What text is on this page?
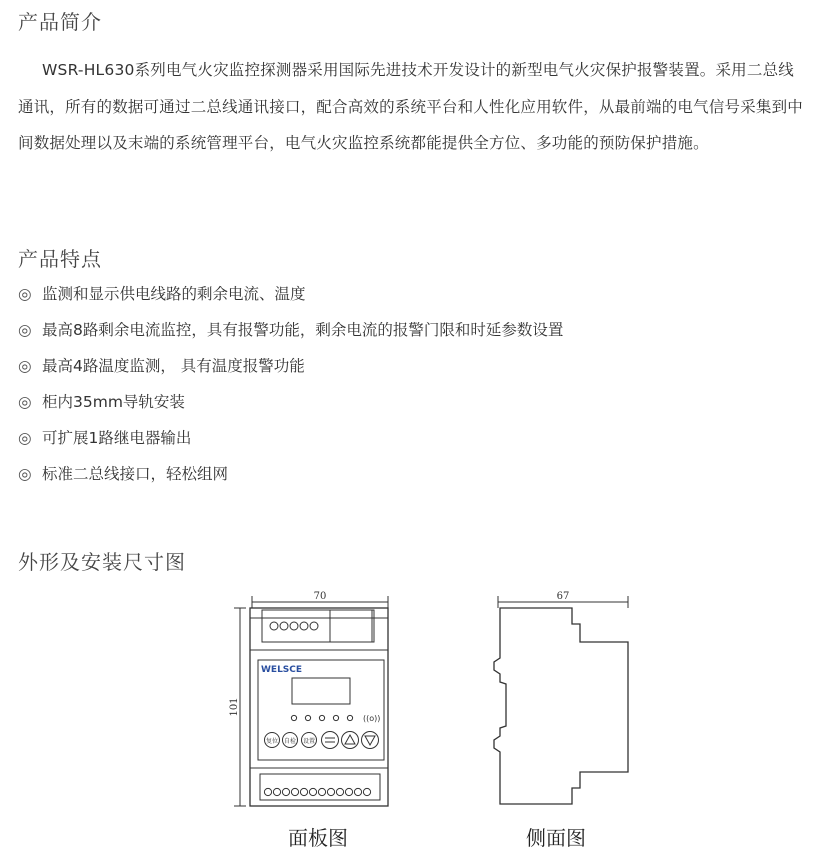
产品简介
WSR-HL630系列电气火灾监控探测器采用国际先进技术开发设计的新型电气火灾保护报警装置。采用二总线通讯，所有的数据可通过二总线通讯接口，配合高效的系统平台和人性化应用软件，从最前端的电气信号采集到中间数据处理以及末端的系统管理平台，电气火灾监控系统都能提供全方位、多功能的预防保护措施。
产品特点
◎ 监测和显示供电线路的剩余电流、温度
◎ 最高8路剩余电流监控，具有报警功能，剩余电流的报警门限和时延参数设置
◎ 最高4路温度监测， 具有温度报警功能
◎ 柜内35mm导轨安装
◎ 可扩展1路继电器输出
◎ 标准二总线接口，轻松组网
外形及安装尺寸图
70
101
WELSCE
((o))
复位 自检 设置
67
面板图	侧面图
